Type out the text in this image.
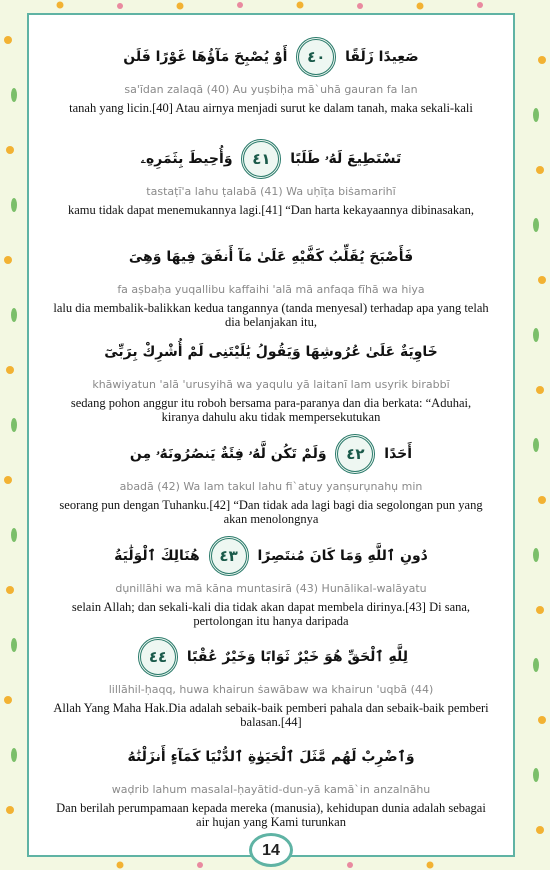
صَعِيدًا زَلَقًا ٤٠ أَوْ يُصْبِحَ مَآؤُهَا غَوْرًا فَلَن
sa'īdan zalaqā (40) Au yuṣbiḥa mā`uhā gauran fa lan
tanah yang licin.[40] Atau airnya menjadi surut ke dalam tanah, maka sekali-kali
تَسْتَطِيعَ لَهُۥ طَلَبًا ٤١ وَأُحِيطَ بِثَمَرِهِۦ
tastaṭī'a lahu ṭalabā (41) Wa uḥīṭa biṡamarihī
kamu tidak dapat menemukannya lagi.[41] “Dan harta kekayaannya dibinasakan,
فَأَصْبَحَ يُقَلِّبُ كَفَّيْهِ عَلَىٰ مَآ أَنفَقَ فِيهَا وَهِىَ
fa aṣbaḥa yuqallibu kaffaihi 'alā mā anfaqa fīhā wa hiya
lalu dia membalik-balikkan kedua tangannya (tanda menyesal) terhadap apa yang telah dia belanjakan itu,
خَاوِيَةٌ عَلَىٰ عُرُوشِهَا وَيَقُولُ يَٰلَيْتَنِى لَمْ أُشْرِكْ بِرَبِّىٓ
khāwiyatun 'alā 'urusyihā wa yaqulu yā laitanī lam usyrik birabbī
sedang pohon anggur itu roboh bersama para-paranya dan dia berkata: “Aduhai, kiranya dahulu aku tidak mempersekutukan
أَحَدًا ٤٢ وَلَمْ تَكُن لَّهُۥ فِئَةٌ يَنصُرُونَهُۥ مِن
abadā (42) Wa lam takul lahu fi`atuy yanṣurụnahụ min
seorang pun dengan Tuhanku.[42] “Dan tidak ada lagi bagi dia segolongan pun yang akan menolongnya
دُونِ ٱللَّهِ وَمَا كَانَ مُنتَصِرًا ٤٣ هُنَالِكَ ٱلْوَلَٰيَةُ
dụnillāhi wa mā kāna muntasirā (43) Hunālikal-walāyatu
selain Allah; dan sekali-kali dia tidak akan dapat membela dirinya.[43] Di sana, pertolongan itu hanya daripada
لِلَّهِ ٱلْحَقِّ هُوَ خَيْرٌ ثَوَابًا وَخَيْرٌ عُقْبًا ٤٤
lillāhil-ḥaqq, huwa khairun ṡawābaw wa khairun 'uqbā (44)
Allah Yang Maha Hak.Dia adalah sebaik-baik pemberi pahala dan sebaik-baik pemberi balasan.[44]
وَٱضْرِبْ لَهُم مَّثَلَ ٱلْحَيَوٰةِ ٱلدُّنْيَا كَمَآءٍ أَنزَلْنَٰهُ
waḍrib lahum masalal-ḥayātid-dun-yā kamā`in anzalnāhu
Dan berilah perumpamaan kepada mereka (manusia), kehidupan dunia adalah sebagai air hujan yang Kami turunkan
14
